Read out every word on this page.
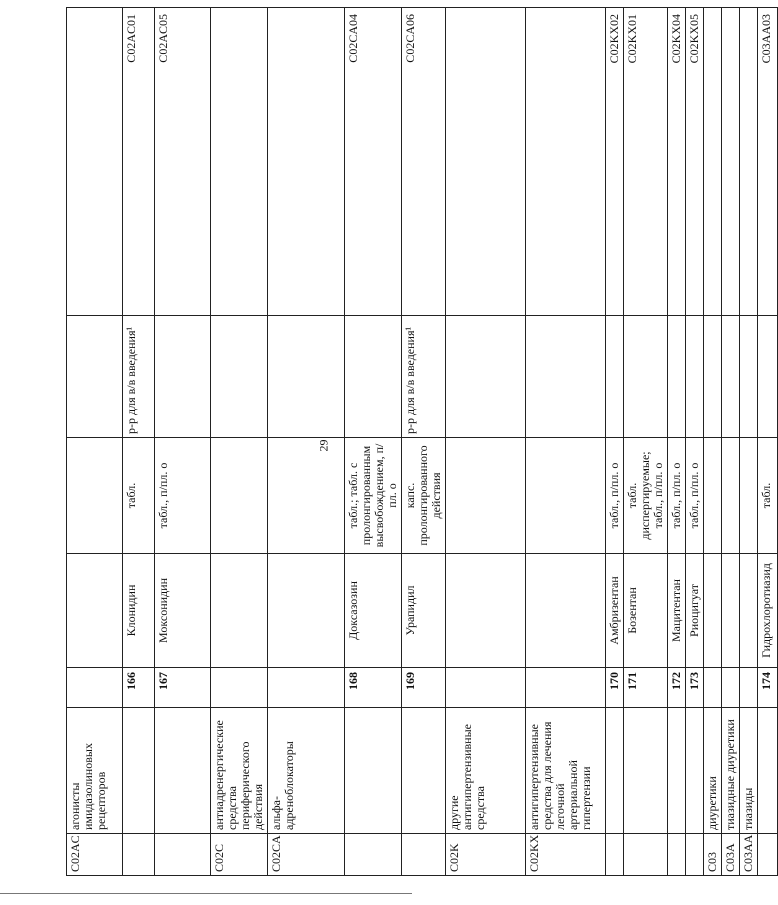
29
C02AC	агонисты имидазолиновых рецепторов					
		166	Клонидин	табл.	р-р для в/в введения¹	C02AC01
		167	Моксонидин	табл., п/пл. о		C02AC05
C02C	антиадренергические средства периферического действия					
C02CA	альфа-адреноблокаторы					
		168	Доксазозин	табл.; табл. с пролонгированным высвобождением, п/пл. о		C02CA04
		169	Урапидил	капс. пролонгированного действия	р-р для в/в введения¹	C02CA06
C02K	другие антигипертензивные средства					
C02KX	антигипертензивные средства для лечения легочной артериальной гипертензии					
		170	Амбризентан	табл., п/пл. о		C02KX02
		171	Бозентан	табл. диспергируемые; табл., п/пл. о		C02KX01
		172	Мацитентан	табл., п/пл. о		C02KX04
		173	Риоцигуат	табл., п/пл. о		C02KX05
C03	диуретики					
C03A	тиазидные диуретики					
C03AA	тиазиды					
		174	Гидрохлоротиазид	табл.		C03AA03
